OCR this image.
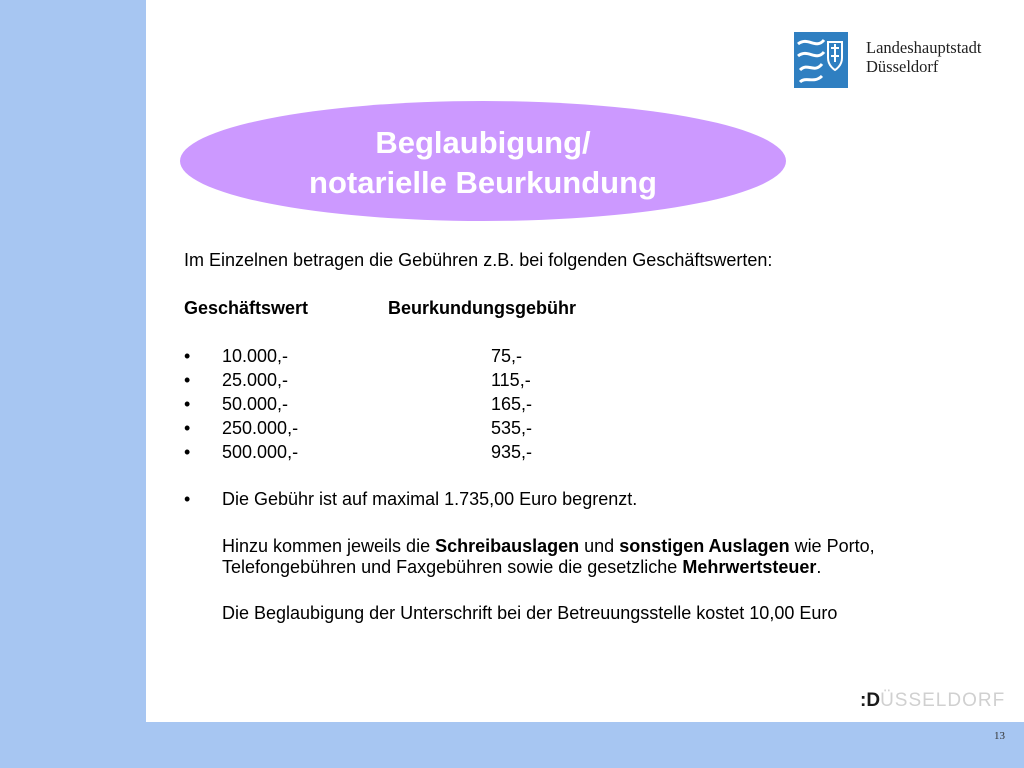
Landeshauptstadt
Düsseldorf
Beglaubigung/
notarielle Beurkundung
Im Einzelnen betragen die Gebühren z.B. bei folgenden Geschäftswerten:
Geschäftswert	Beurkundungsgebühr
• 10.000,-	75,-
• 25.000,-	115,-
• 50.000,-	165,-
• 250.000,-	535,-
• 500.000,-	935,-
• Die Gebühr ist auf maximal 1.735,00 Euro begrenzt.
Hinzu kommen jeweils die Schreibauslagen und sonstigen Auslagen wie Porto,
Telefongebühren und Faxgebühren sowie die gesetzliche Mehrwertsteuer.
Die Beglaubigung der Unterschrift bei der Betreuungsstelle kostet 10,00 Euro
:DÜSSELDORF
13
